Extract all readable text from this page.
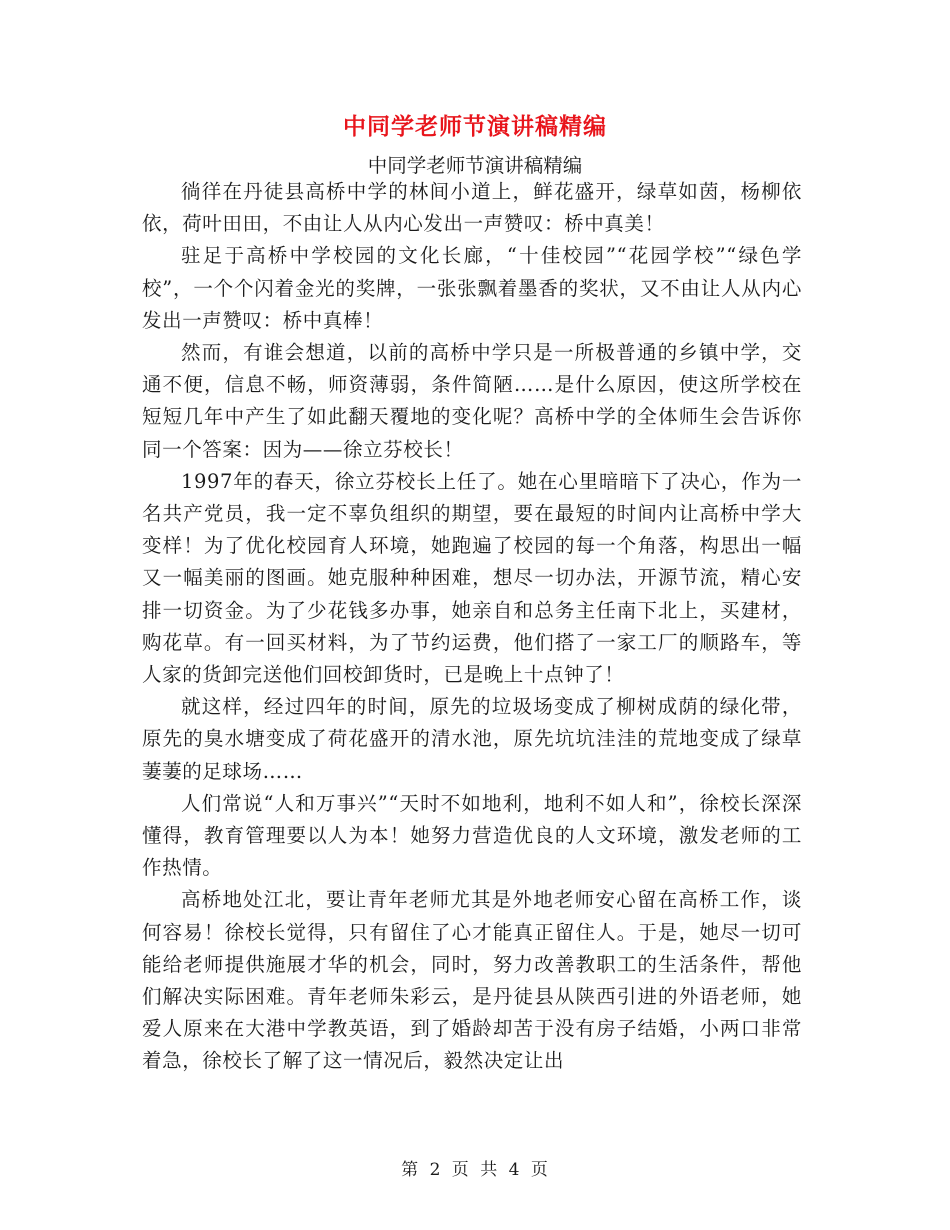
中同学老师节演讲稿精编
中同学老师节演讲稿精编

徜徉在丹徒县高桥中学的林间小道上，鲜花盛开，绿草如茵，杨柳依依，荷叶田田，不由让人从内心发出一声赞叹：桥中真美！

驻足于高桥中学校园的文化长廊，“十佳校园”“花园学校”“绿色学校”，一个个闪着金光的奖牌，一张张飘着墨香的奖状，又不由让人从内心发出一声赞叹：桥中真棒！

然而，有谁会想道，以前的高桥中学只是一所极普通的乡镇中学，交通不便，信息不畅，师资薄弱，条件简陋……是什么原因，使这所学校在短短几年中产生了如此翻天覆地的变化呢？高桥中学的全体师生会告诉你同一个答案：因为——徐立芬校长！

1997年的春天，徐立芬校长上任了。她在心里暗暗下了决心，作为一名共产党员，我一定不辜负组织的期望，要在最短的时间内让高桥中学大变样！为了优化校园育人环境，她跑遍了校园的每一个角落，构思出一幅又一幅美丽的图画。她克服种种困难，想尽一切办法，开源节流，精心安排一切资金。为了少花钱多办事，她亲自和总务主任南下北上，买建材，购花草。有一回买材料，为了节约运费，他们搭了一家工厂的顺路车，等人家的货卸完送他们回校卸货时，已是晚上十点钟了！

就这样，经过四年的时间，原先的垃圾场变成了柳树成荫的绿化带，原先的臭水塘变成了荷花盛开的清水池，原先坑坑洼洼的荒地变成了绿草萋萋的足球场……

人们常说“人和万事兴”“天时不如地利，地利不如人和”，徐校长深深懂得，教育管理要以人为本！她努力营造优良的人文环境，激发老师的工作热情。

高桥地处江北，要让青年老师尤其是外地老师安心留在高桥工作，谈何容易！徐校长觉得，只有留住了心才能真正留住人。于是，她尽一切可能给老师提供施展才华的机会，同时，努力改善教职工的生活条件，帮他们解决实际困难。青年老师朱彩云，是丹徒县从陕西引进的外语老师，她爱人原来在大港中学教英语，到了婚龄却苦于没有房子结婚，小两口非常着急，徐校长了解了这一情况后，毅然决定让出

第 2 页 共 4 页
